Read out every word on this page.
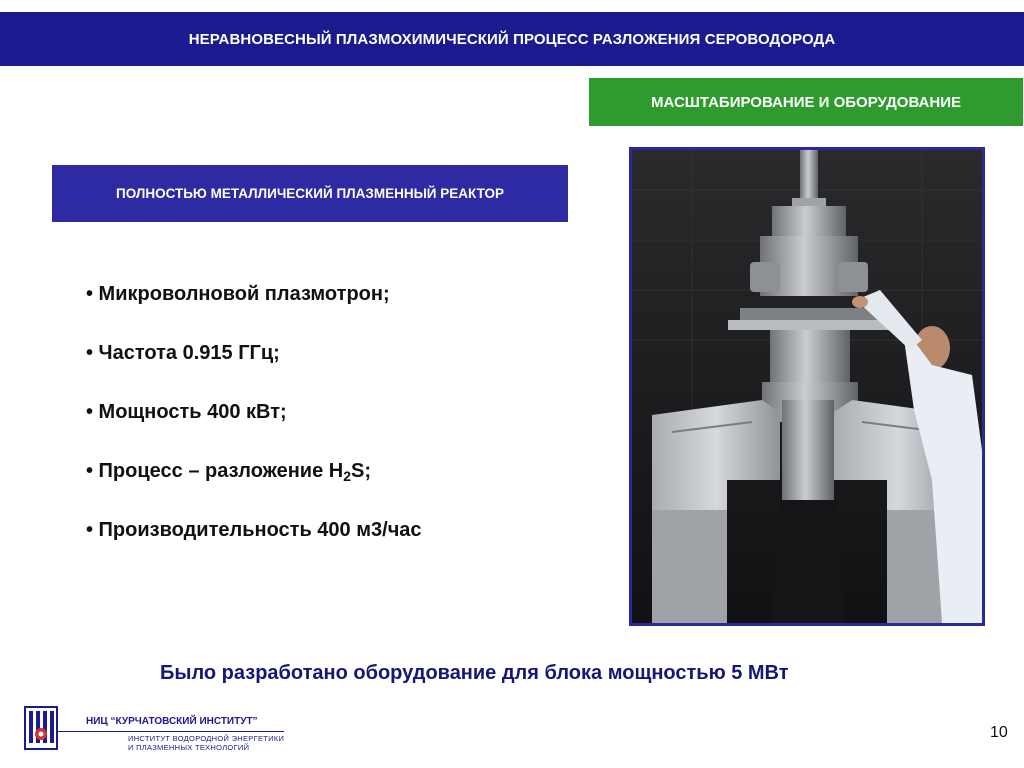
НЕРАВНОВЕСНЫЙ ПЛАЗМОХИМИЧЕСКИЙ ПРОЦЕСС РАЗЛОЖЕНИЯ СЕРОВОДОРОДА
МАСШТАБИРОВАНИЕ И ОБОРУДОВАНИЕ
ПОЛНОСТЬЮ МЕТАЛЛИЧЕСКИЙ ПЛАЗМЕННЫЙ РЕАКТОР
• Микроволновой плазмотрон;
• Частота 0.915 ГГц;
• Мощность 400 кВт;
• Процесс – разложение $H_2S$;
• Производительность 400 м3/час
Было разработано оборудование для блока мощностью 5 МВт
НИЦ “КУРЧАТОВСКИЙ ИНСТИТУТ”
ИНСТИТУТ ВОДОРОДНОЙ ЭНЕРГЕТИКИ
И ПЛАЗМЕННЫХ ТЕХНОЛОГИЙ
10
